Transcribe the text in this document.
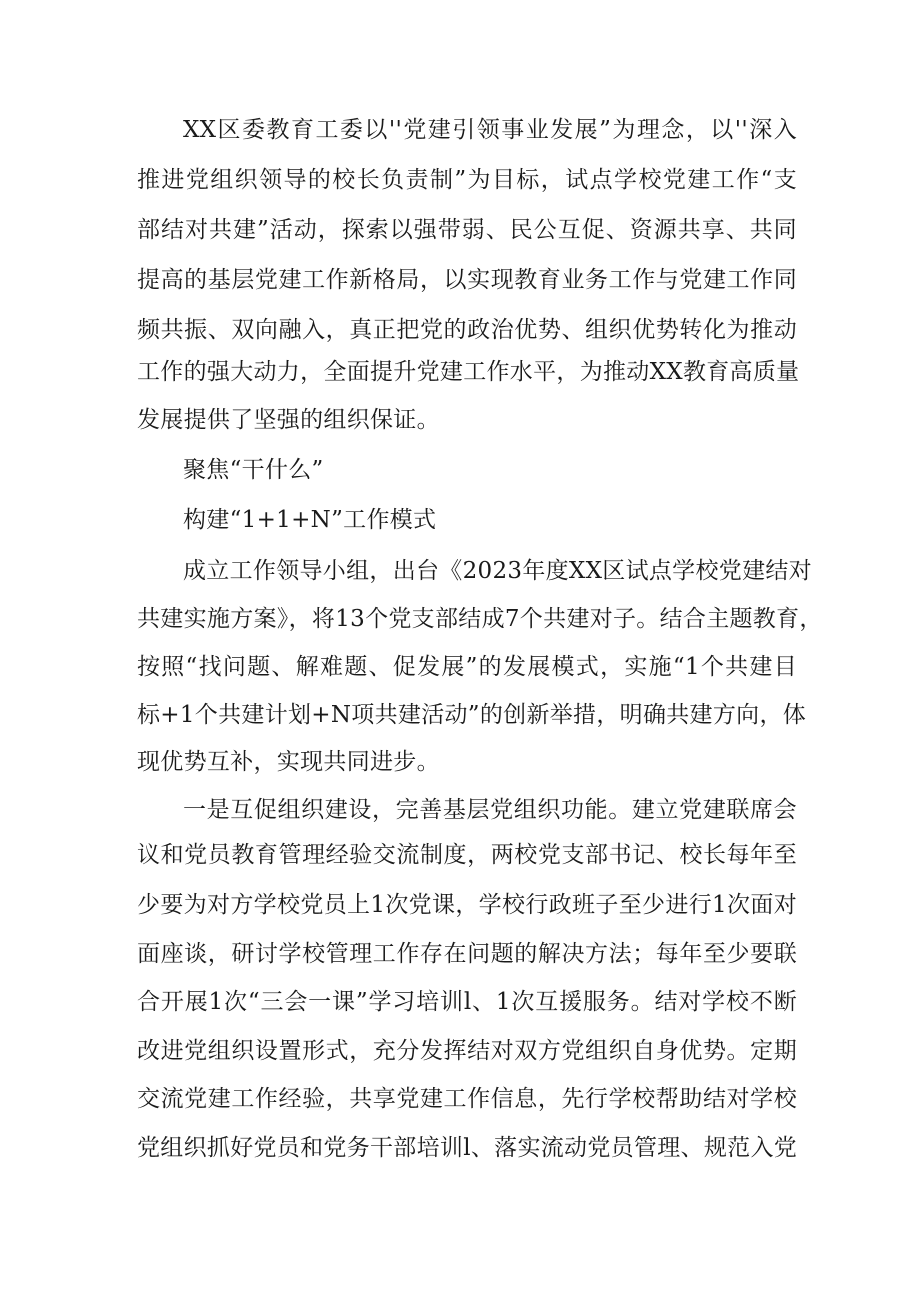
XX区委教育工委以''党建引领事业发展”为理念，以''深入

推进党组织领导的校长负责制”为目标，试点学校党建工作“支

部结对共建”活动，探索以强带弱、民公互促、资源共享、共同

提高的基层党建工作新格局，以实现教育业务工作与党建工作同

频共振、双向融入，真正把党的政治优势、组织优势转化为推动

工作的强大动力，全面提升党建工作水平，为推动XX教育高质量

发展提供了坚强的组织保证。

聚焦“干什么”

构建“1+1+N”工作模式

成立工作领导小组，出台《2023年度XX区试点学校党建结对

共建实施方案》，将13个党支部结成7个共建对子。结合主题教育，

按照“找问题、解难题、促发展”的发展模式，实施“1个共建目

标+1个共建计划+N项共建活动”的创新举措，明确共建方向，体

现优势互补，实现共同进步。

一是互促组织建设，完善基层党组织功能。建立党建联席会

议和党员教育管理经验交流制度，两校党支部书记、校长每年至

少要为对方学校党员上1次党课，学校行政班子至少进行1次面对

面座谈，研讨学校管理工作存在问题的解决方法；每年至少要联

合开展1次“三会一课”学习培训l、1次互援服务。结对学校不断

改进党组织设置形式，充分发挥结对双方党组织自身优势。定期

交流党建工作经验，共享党建工作信息，先行学校帮助结对学校

党组织抓好党员和党务干部培训l、落实流动党员管理、规范入党
